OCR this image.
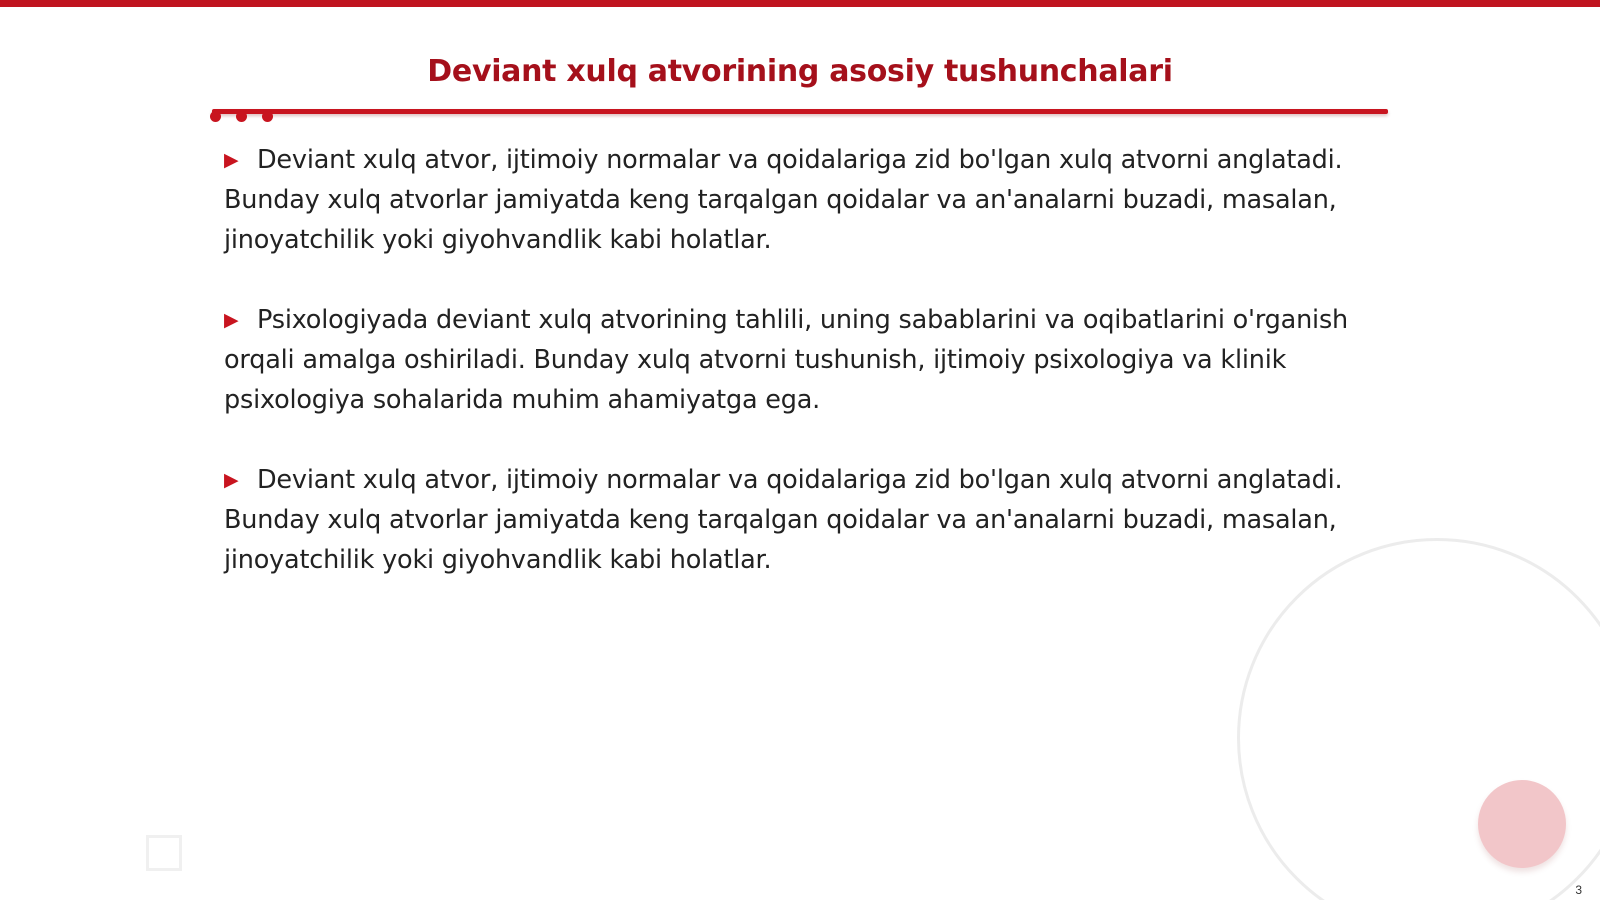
Deviant xulq atvorining asosiy tushunchalari

▶ Deviant xulq atvor, ijtimoiy normalar va qoidalariga zid bo'lgan xulq atvorni anglatadi. Bunday xulq atvorlar jamiyatda keng tarqalgan qoidalar va an'analarni buzadi, masalan, jinoyatchilik yoki giyohvandlik kabi holatlar.

▶ Psixologiyada deviant xulq atvorining tahlili, uning sabablarini va oqibatlarini o'rganish orqali amalga oshiriladi. Bunday xulq atvorni tushunish, ijtimoiy psixologiya va klinik psixologiya sohalarida muhim ahamiyatga ega.

▶ Deviant xulq atvor, ijtimoiy normalar va qoidalariga zid bo'lgan xulq atvorni anglatadi. Bunday xulq atvorlar jamiyatda keng tarqalgan qoidalar va an'analarni buzadi, masalan, jinoyatchilik yoki giyohvandlik kabi holatlar.

3
